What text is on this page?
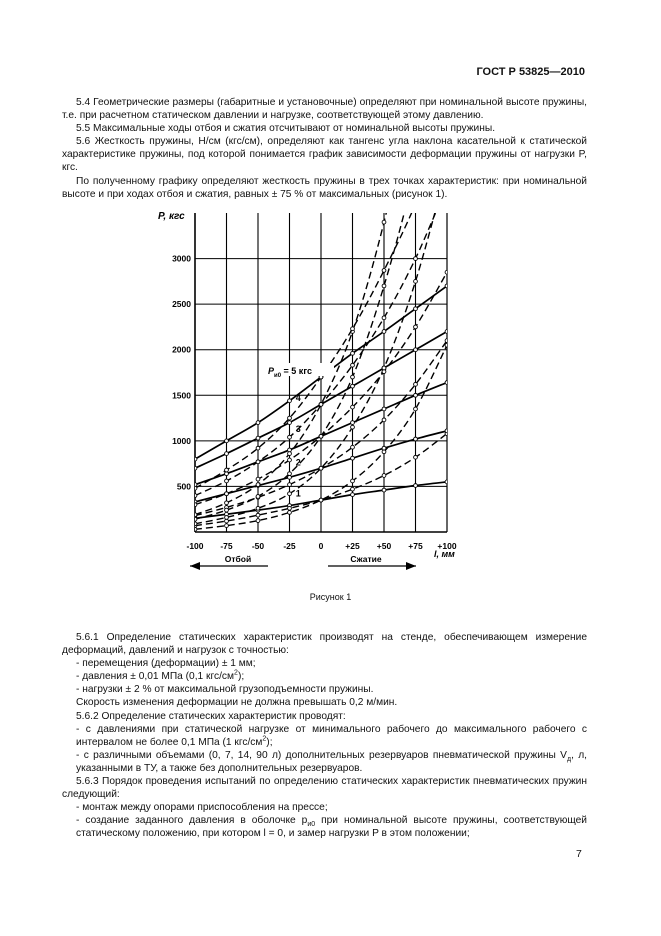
ГОСТ Р 53825—2010

5.4 Геометрические размеры (габаритные и установочные) определяют при номинальной высоте пружины, т.е. при расчетном статическом давлении и нагрузке, соответствующей этому давлению.

5.5 Максимальные ходы отбоя и сжатия отсчитывают от номинальной высоты пружины.

5.6 Жесткость пружины, Н/см (кгс/см), определяют как тангенс угла наклона касательной к статической характеристике пружины, под которой понимается график зависимости деформации пружины от нагрузки P, кгс.

По полученному графику определяют жесткость пружины в трех точках характеристик: при номинальной высоте и при ходах отбоя и сжатия, равных ± 75 % от максимальных (рисунок 1).

P, кгс
-100 -75 -50 -25	0	+25 +50 +75 +100
500
1000
1500
2000
2500
3000
1
2
3
4
$P_{и0} = 5$ кгс
Отбой	Сжатие	l, мм
Рисунок 1

5.6.1 Определение статических характеристик производят на стенде, обеспечивающем измерение деформаций, давлений и нагрузок с точностью:

- перемещения (деформации) ± 1 мм;

- давления ± 0,01 МПа (0,1 кгс/$см^2$);

- нагрузки ± 2 % от максимальной грузоподъемности пружины.

Скорость изменения деформации не должна превышать 0,2 м/мин.

5.6.2 Определение статических характеристик проводят:

- с давлениями при статической нагрузке от минимального рабочего до максимального рабочего с интервалом не более 0,1 МПа (1 кгс/$см^2$);

- с различными объемами (0, 7, 14, 90 л) дополнительных резервуаров пневматической пружины $V_д$, л, указанными в ТУ, а также без дополнительных резервуаров.

5.6.3 Порядок проведения испытаний по определению статических характеристик пневматических пружин следующий:

- монтаж между опорами приспособления на прессе;

- создание заданного давления в оболочке $p_{и0}$ при номинальной высоте пружины, соответствующей статическому положению, при котором l = 0, и замер нагрузки P в этом положении;

7
